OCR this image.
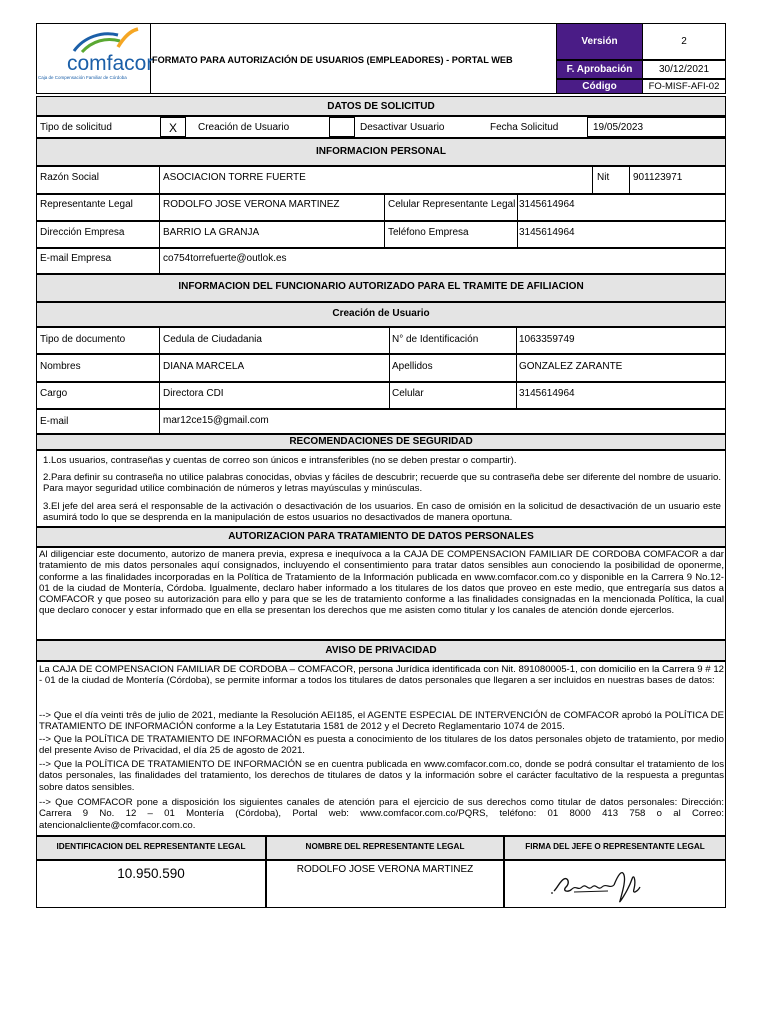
comfacor
Caja de Compensación Familiar de Córdoba
FORMATO PARA AUTORIZACIÓN DE USUARIOS (EMPLEADORES) - PORTAL WEB
Versión	2
F. Aprobación	30/12/2021
Código	FO-MISF-AFI-02
DATOS DE SOLICITUD
Tipo de solicitud	X	Creación de Usuario	Desactivar Usuario	Fecha Solicitud	19/05/2023
INFORMACION PERSONAL
Razón Social	ASOCIACION TORRE FUERTE	Nit 901123971
Representante Legal	RODOLFO JOSE VERONA MARTINEZ	Celular Representante Legal 3145614964
Dirección Empresa	BARRIO LA GRANJA	Teléfono Empresa	3145614964
E-mail Empresa	co754torrefuerte@outlok.es
INFORMACION DEL FUNCIONARIO AUTORIZADO PARA EL TRAMITE DE AFILIACION
Creación de Usuario
Tipo de documento	Cedula de Ciudadania	N° de Identificación	1063359749
Nombres	DIANA MARCELA	Apellidos	GONZALEZ ZARANTE
Cargo	Directora CDI	Celular	3145614964
E-mail	mar12ce15@gmail.com
RECOMENDACIONES DE SEGURIDAD
1.Los usuarios, contraseñas y cuentas de correo son únicos e intransferibles (no se deben prestar o compartir).
2.Para definir su contraseña no utilice palabras conocidas, obvias y fáciles de descubrir; recuerde que su contraseña debe ser diferente del nombre de usuario. Para mayor seguridad utilice combinación de números y letras mayúsculas y minúsculas.
3.El jefe del area será el responsable de la activación o desactivación de los usuarios. En caso de omisión en la solicitud de desactivación de un usuario este asumirá todo lo que se desprenda en la manipulación de estos usuarios no desactivados de manera oportuna.
AUTORIZACION PARA TRATAMIENTO DE DATOS PERSONALES
Al diligenciar este documento, autorizo de manera previa, expresa e inequívoca a la CAJA DE COMPENSACION FAMILIAR DE CORDOBA COMFACOR a dar tratamiento de mis datos personales aquí consignados, incluyendo el consentimiento para tratar datos sensibles aun conociendo la posibilidad de oponerme, conforme a las finalidades incorporadas en la Política de Tratamiento de la Información publicada en www.comfacor.com.co y disponible en la Carrera 9 No.12-01 de la ciudad de Montería, Córdoba. Igualmente, declaro haber informado a los titulares de los datos que proveo en este medio, que entregaría sus datos a COMFACOR y que poseo su autorización para ello y para que se les de tratamiento conforme a las finalidades consignadas en la mencionada Política, la cual que declaro conocer y estar informado que en ella se presentan los derechos que me asisten como titular y los canales de atención donde ejercerlos.
AVISO DE PRIVACIDAD
La CAJA DE COMPENSACION FAMILIAR DE CORDOBA – COMFACOR, persona Jurídica identificada con Nit. 891080005-1, con domicilio en la Carrera 9 # 12 - 01 de la ciudad de Montería (Córdoba), se permite informar a todos los titulares de datos personales que llegaren a ser incluidos en nuestras bases de datos:
--> Que el día veinti três de julio de 2021, mediante la Resolución AEI185, el AGENTE ESPECIAL DE INTERVENCIÓN de COMFACOR aprobó la POLÍTICA DE TRATAMIENTO DE INFORMACIÓN conforme a la Ley Estatutaria 1581 de 2012 y el Decreto Reglamentario 1074 de 2015.
--> Que la POLÍTICA DE TRATAMIENTO DE INFORMACIÓN es puesta a conocimiento de los titulares de los datos personales objeto de tratamiento, por medio del presente Aviso de Privacidad, el día 25 de agosto de 2021.
--> Que la POLÍTICA DE TRATAMIENTO DE INFORMACIÓN se en cuentra publicada en www.comfacor.com.co, donde se podrá consultar el tratamiento de los datos personales, las finalidades del tratamiento, los derechos de titulares de datos y la información sobre el carácter facultativo de la respuesta a preguntas sobre datos sensibles.
--> Que COMFACOR pone a disposición los siguientes canales de atención para el ejercicio de sus derechos como titular de datos personales: Dirección: Carrera 9 No. 12 – 01 Montería (Córdoba), Portal web: www.comfacor.com.co/PQRS, teléfono: 01 8000 413 758 o al Correo: atencionalcliente@comfacor.com.co.
IDENTIFICACION DEL REPRESENTANTE LEGAL	NOMBRE DEL REPRESENTANTE LEGAL	FIRMA DEL JEFE O REPRESENTANTE LEGAL
10.950.590	RODOLFO JOSE VERONA MARTINEZ
